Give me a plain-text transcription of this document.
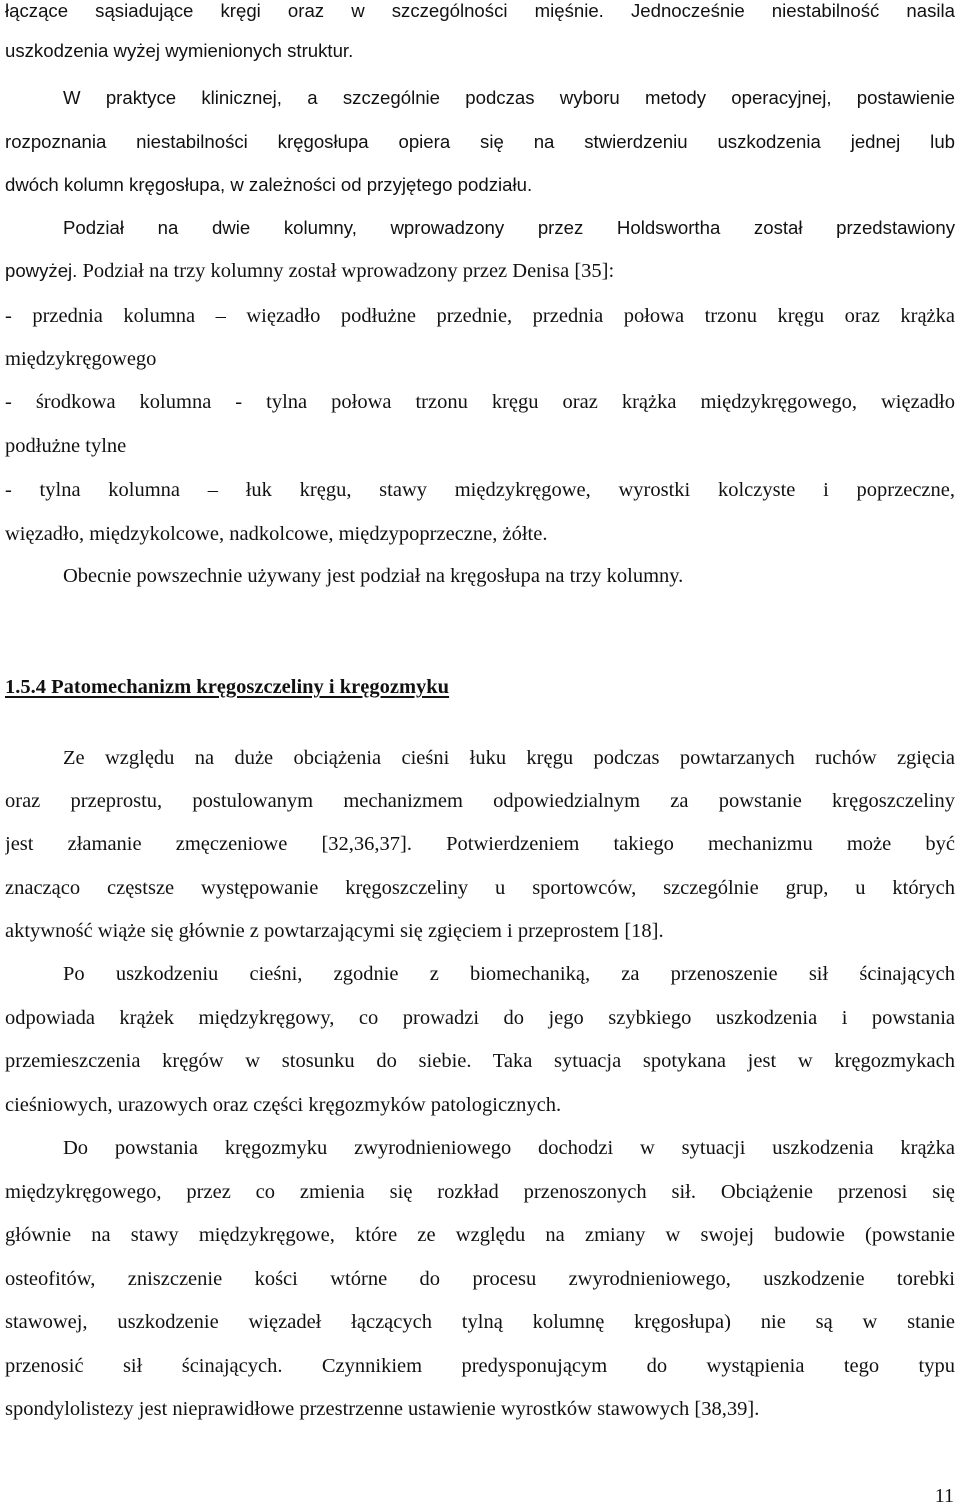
łączące sąsiadujące kręgi oraz w szczególności mięśnie. Jednocześnie niestabilność nasila
uszkodzenia wyżej wymienionych struktur.
W praktyce klinicznej, a szczególnie podczas wyboru metody operacyjnej, postawienie
rozpoznania niestabilności kręgosłupa opiera się na stwierdzeniu uszkodzenia jednej lub
dwóch kolumn kręgosłupa, w zależności od przyjętego podziału.
Podział na dwie kolumny, wprowadzony przez Holdswortha został przedstawiony
powyżej. Podział na trzy kolumny został wprowadzony przez Denisa [35]:
- przednia kolumna – więzadło podłużne przednie, przednia połowa trzonu kręgu oraz krążka
międzykręgowego
- środkowa kolumna - tylna połowa trzonu kręgu oraz krążka międzykręgowego, więzadło
podłużne tylne
- tylna kolumna – łuk kręgu, stawy międzykręgowe, wyrostki kolczyste i poprzeczne,
więzadło, międzykolcowe, nadkolcowe, międzypoprzeczne, żółte.
Obecnie powszechnie używany jest podział na kręgosłupa na trzy kolumny.
1.5.4 Patomechanizm kręgoszczeliny i kręgozmyku
Ze względu na duże obciążenia cieśni łuku kręgu podczas powtarzanych ruchów zgięcia
oraz przeprostu, postulowanym mechanizmem odpowiedzialnym za powstanie kręgoszczeliny
jest złamanie zmęczeniowe [32,36,37]. Potwierdzeniem takiego mechanizmu może być
znacząco częstsze występowanie kręgoszczeliny u sportowców, szczególnie grup, u których
aktywność wiąże się głównie z powtarzającymi się zgięciem i przeprostem [18].
Po uszkodzeniu cieśni, zgodnie z biomechaniką, za przenoszenie sił ścinających
odpowiada krążek międzykręgowy, co prowadzi do jego szybkiego uszkodzenia i powstania
przemieszczenia kręgów w stosunku do siebie. Taka sytuacja spotykana jest w kręgozmykach
cieśniowych, urazowych oraz części kręgozmyków patologicznych.
Do powstania kręgozmyku zwyrodnieniowego dochodzi w sytuacji uszkodzenia krążka
międzykręgowego, przez co zmienia się rozkład przenoszonych sił. Obciążenie przenosi się
głównie na stawy międzykręgowe, które ze względu na zmiany w swojej budowie (powstanie
osteofitów, zniszczenie kości wtórne do procesu zwyrodnieniowego, uszkodzenie torebki
stawowej, uszkodzenie więzadeł łączących tylną kolumnę kręgosłupa) nie są w stanie
przenosić sił ścinających. Czynnikiem predysponującym do wystąpienia tego typu
spondylolistezy jest nieprawidłowe przestrzenne ustawienie wyrostków stawowych [38,39].
11
